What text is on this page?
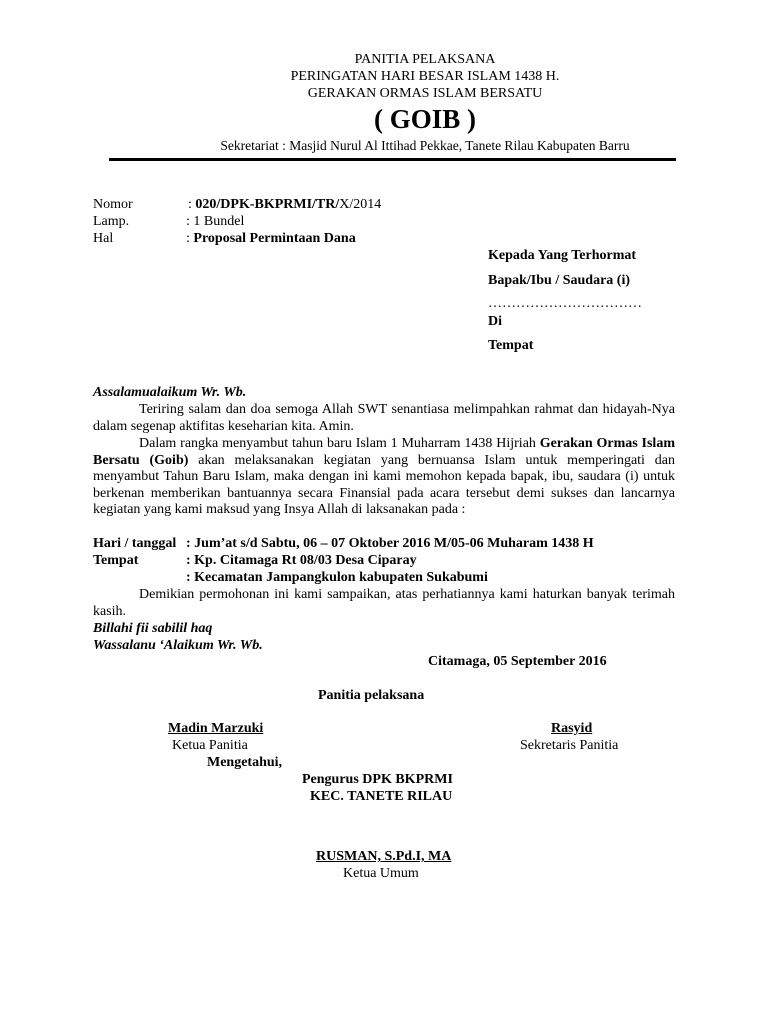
PANITIA PELAKSANA
PERINGATAN HARI BESAR ISLAM 1438 H.
GERAKAN ORMAS ISLAM BERSATU
( GOIB )
Sekretariat : Masjid Nurul Al Ittihad Pekkae, Tanete Rilau Kabupaten Barru
Nomor	: 020/DPK-BKPRMI/TR/X/2014
Lamp.	: 1 Bundel
Hal	: Proposal Permintaan Dana
Kepada Yang Terhormat
Bapak/Ibu / Saudara (i)
……………………………
Di
Tempat
Assalamualaikum Wr. Wb.
Teriring salam dan doa semoga Allah SWT senantiasa melimpahkan rahmat dan hidayah-Nya dalam segenap aktifitas keseharian kita. Amin.
Dalam rangka menyambut tahun baru Islam 1 Muharram 1438 Hijriah Gerakan Ormas Islam Bersatu (Goib) akan melaksanakan kegiatan yang bernuansa Islam untuk memperingati dan menyambut Tahun Baru Islam, maka dengan ini kami memohon kepada bapak, ibu, saudara (i) untuk berkenan memberikan bantuannya secara Finansial pada acara tersebut demi sukses dan lancarnya kegiatan yang kami maksud yang Insya Allah di laksanakan pada :
Hari / tanggal : Jum’at s/d Sabtu, 06 – 07 Oktober 2016 M/05-06 Muharam 1438 H
Tempat	: Kp. Citamaga Rt 08/03 Desa Ciparay
: Kecamatan Jampangkulon kabupaten Sukabumi
Demikian permohonan ini kami sampaikan, atas perhatiannya kami haturkan banyak terimah kasih.
Billahi fii sabilil haq
Wassalanu ‘Alaikum Wr. Wb.
Citamaga, 05 September 2016
Panitia pelaksana
Madin Marzuki
Ketua Panitia
Rasyid
Sekretaris Panitia
Mengetahui,
Pengurus DPK BKPRMI
KEC. TANETE RILAU
RUSMAN, S.Pd.I, MA
Ketua Umum
